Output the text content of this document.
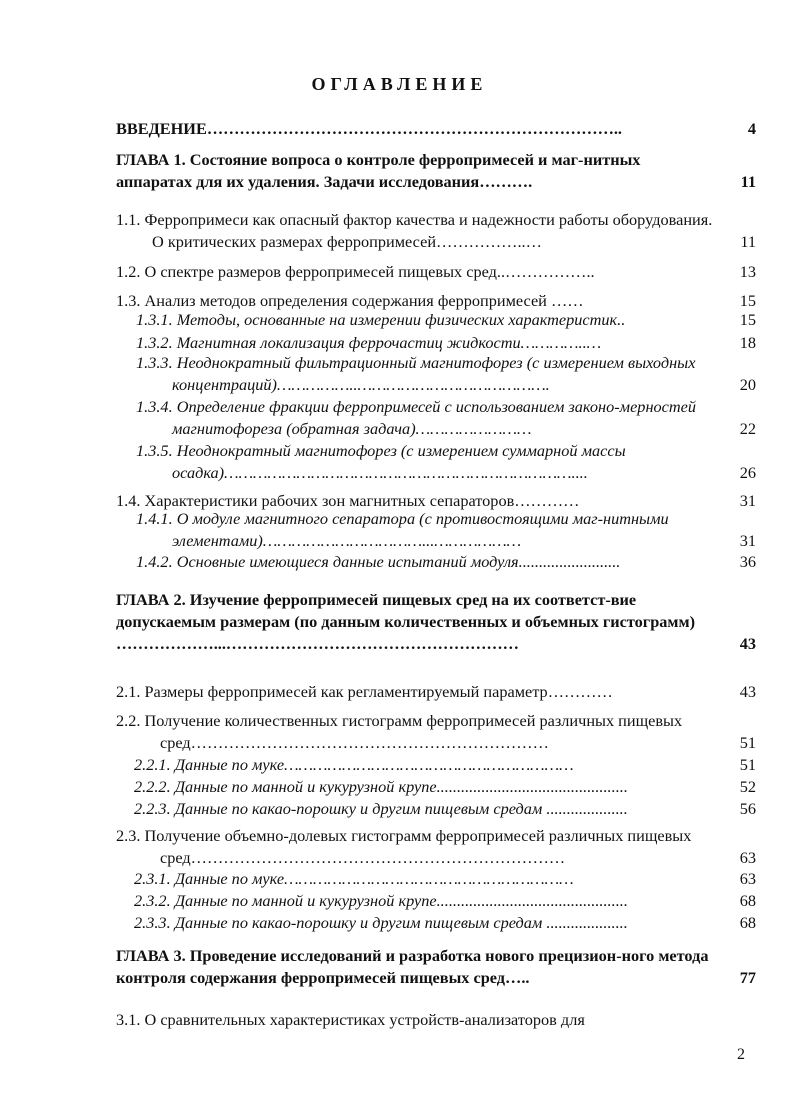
ОГЛАВЛЕНИЕ
ВВЕДЕНИЕ…………………………………………………………………..	4
ГЛАВА 1. Состояние вопроса о контроле ферропримесей и маг-нитных аппаратах для их удаления. Задачи исследования……….	11
1.1. Ферропримеси как опасный фактор качества и надежности работы оборудования. О критических размерах ферропримесей……………..…	11
1.2. О спектре размеров ферропримесей пищевых сред..……………..	13
1.3. Анализ методов определения содержания ферропримесей ……	15
1.3.1. Методы, основанные на измерении физических характеристик..	15
1.3.2. Магнитная локализация феррочастиц жидкости…………..…	18
1.3.3. Неоднократный фильтрационный магнитофорез (с измерением выходных концентраций)……………..………………………………….	20
1.3.4. Определение фракции ферропримесей с использованием законо-мерностей магнитофореза (обратная задача)……………………	22
1.3.5. Неоднократный магнитофорез (с измерением суммарной массы осадка)………………………………………………………………....	26
1.4. Характеристики рабочих зон магнитных сепараторов…………	31
1.4.1. О модуле магнитного сепаратора (с противостоящими маг-нитными элементами)……………………………...………………	31
1.4.2. Основные имеющиеся данные испытаний модуля.........................	36
ГЛАВА 2. Изучение ферропримесей пищевых сред на их соответст-вие допускаемым размерам (по данным количественных и объемных гистограмм) ………………...………………………………………………	43
2.1. Размеры ферропримесей как регламентируемый параметр…………	43
2.2. Получение количественных гистограмм ферропримесей различных пищевых сред…………………………………………………………	51
2.2.1. Данные по муке……………………………………………………	51
2.2.2. Данные по манной и кукурузной крупе...............................................	52
2.2.3. Данные по какао-порошку и другим пищевым средам ....................	56
2.3. Получение объемно-долевых гистограмм ферропримесей различных пищевых сред……………………………………………………………	63
2.3.1. Данные по муке……………………………………………………	63
2.3.2. Данные по манной и кукурузной крупе...............................................	68
2.3.3. Данные по какао-порошку и другим пищевым средам ....................	68
ГЛАВА 3. Проведение исследований и разработка нового прецизион-ного метода контроля содержания ферропримесей пищевых сред…..	77
3.1. О сравнительных характеристиках устройств-анализаторов для
2
